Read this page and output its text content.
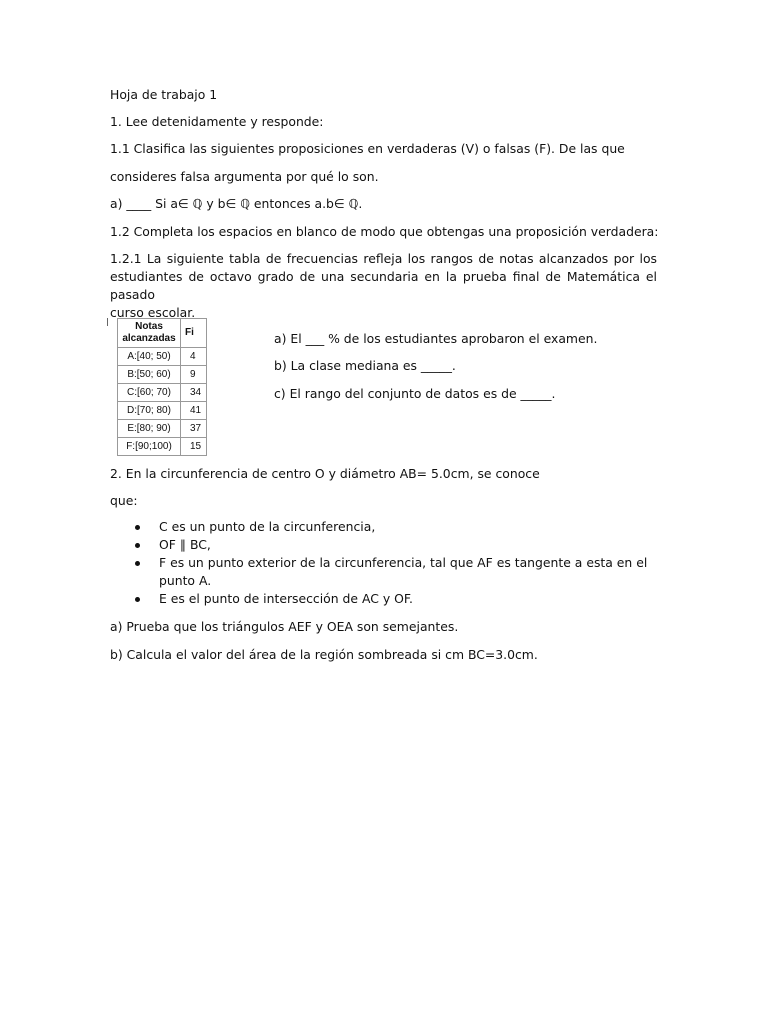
Hoja de trabajo 1

1. Lee detenidamente y responde:

1.1 Clasifica las siguientes proposiciones en verdaderas (V) o falsas (F). De las que

consideres falsa argumenta por qué lo son.

a) ____ Si a∈ ℚ y b∈ ℚ entonces a.b∈ ℚ.

1.2 Completa los espacios en blanco de modo que obtengas una proposición verdadera:

1.2.1 La siguiente tabla de frecuencias refleja los rangos de notas alcanzados por los
estudiantes de octavo grado de una secundaria en la prueba final de Matemática el pasado
curso escolar.
Notas
alcanzadas	Fi
A:[40; 50)	4
B:[50; 60)	9
C:[60; 70)	34
D:[70; 80)	41
E:[80; 90)	37
F:[90;100)	15

a) El ___ % de los estudiantes aprobaron el examen.

b) La clase mediana es _____.

c) El rango del conjunto de datos es de _____.

2. En la circunferencia de centro O y diámetro AB= 5.0cm, se conoce

que:

C es un punto de la circunferencia,
OF ∥ BC,
F es un punto exterior de la circunferencia, tal que AF es tangente a esta en el punto A.
E es el punto de intersección de AC y OF.

a) Prueba que los triángulos AEF y OEA son semejantes.

b) Calcula el valor del área de la región sombreada si cm BC=3.0cm.
